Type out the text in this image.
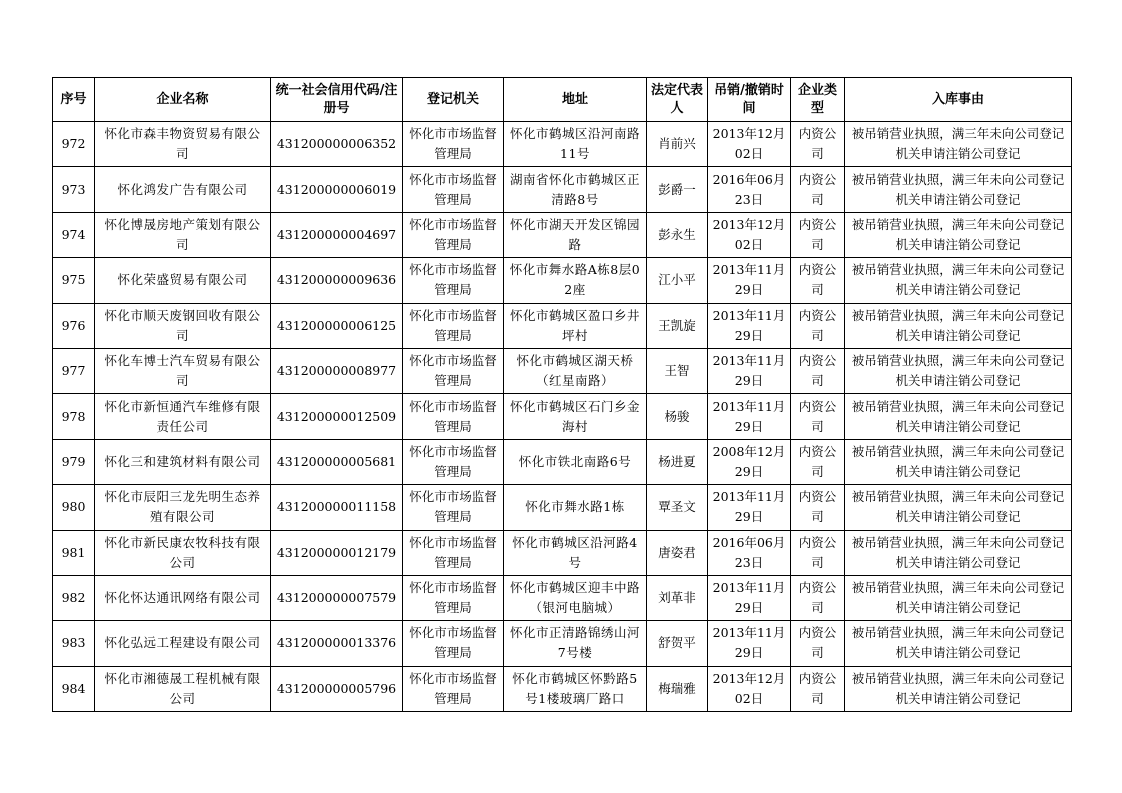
序号	企业名称	统一社会信用代码/注册号	登记机关	地址	法定代表人	吊销/撤销时间	企业类型	入库事由
972	怀化市森丰物资贸易有限公司	431200000006352	怀化市市场监督管理局	怀化市鹤城区沿河南路11号	肖前兴	2013年12月02日	内资公司	被吊销营业执照，满三年未向公司登记机关申请注销公司登记
973	怀化鸿发广告有限公司	431200000006019	怀化市市场监督管理局	湖南省怀化市鹤城区正清路8号	彭爵一	2016年06月23日	内资公司	被吊销营业执照，满三年未向公司登记机关申请注销公司登记
974	怀化博晟房地产策划有限公司	431200000004697	怀化市市场监督管理局	怀化市湖天开发区锦园路	彭永生	2013年12月02日	内资公司	被吊销营业执照，满三年未向公司登记机关申请注销公司登记
975	怀化荣盛贸易有限公司	431200000009636	怀化市市场监督管理局	怀化市舞水路A栋8层02座	江小平	2013年11月29日	内资公司	被吊销营业执照，满三年未向公司登记机关申请注销公司登记
976	怀化市顺天废钢回收有限公司	431200000006125	怀化市市场监督管理局	怀化市鹤城区盈口乡井坪村	王凯旋	2013年11月29日	内资公司	被吊销营业执照，满三年未向公司登记机关申请注销公司登记
977	怀化车博士汽车贸易有限公司	431200000008977	怀化市市场监督管理局	怀化市鹤城区湖天桥（红星南路）	王智	2013年11月29日	内资公司	被吊销营业执照，满三年未向公司登记机关申请注销公司登记
978	怀化市新恒通汽车维修有限责任公司	431200000012509	怀化市市场监督管理局	怀化市鹤城区石门乡金海村	杨骏	2013年11月29日	内资公司	被吊销营业执照，满三年未向公司登记机关申请注销公司登记
979	怀化三和建筑材料有限公司	431200000005681	怀化市市场监督管理局	怀化市铁北南路6号	杨进夏	2008年12月29日	内资公司	被吊销营业执照，满三年未向公司登记机关申请注销公司登记
980	怀化市辰阳三龙先明生态养殖有限公司	431200000011158	怀化市市场监督管理局	怀化市舞水路1栋	覃圣文	2013年11月29日	内资公司	被吊销营业执照，满三年未向公司登记机关申请注销公司登记
981	怀化市新民康农牧科技有限公司	431200000012179	怀化市市场监督管理局	怀化市鹤城区沿河路4号	唐姿君	2016年06月23日	内资公司	被吊销营业执照，满三年未向公司登记机关申请注销公司登记
982	怀化怀达通讯网络有限公司	431200000007579	怀化市市场监督管理局	怀化市鹤城区迎丰中路（银河电脑城）	刘革非	2013年11月29日	内资公司	被吊销营业执照，满三年未向公司登记机关申请注销公司登记
983	怀化弘远工程建设有限公司	431200000013376	怀化市市场监督管理局	怀化市正清路锦绣山河7号楼	舒贺平	2013年11月29日	内资公司	被吊销营业执照，满三年未向公司登记机关申请注销公司登记
984	怀化市湘德晟工程机械有限公司	431200000005796	怀化市市场监督管理局	怀化市鹤城区怀黔路5号1楼玻璃厂路口	梅瑞雅	2013年12月02日	内资公司	被吊销营业执照，满三年未向公司登记机关申请注销公司登记
